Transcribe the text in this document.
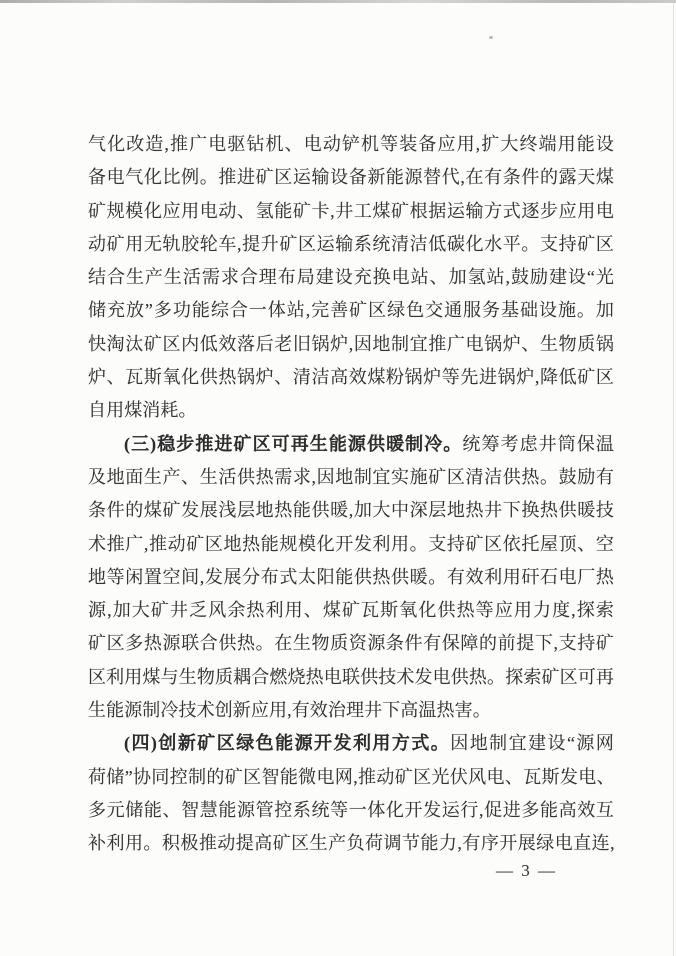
气化改造,推广电驱钻机、电动铲机等装备应用,扩大终端用能设
备电气化比例。推进矿区运输设备新能源替代,在有条件的露天煤
矿规模化应用电动、氢能矿卡,井工煤矿根据运输方式逐步应用电
动矿用无轨胶轮车,提升矿区运输系统清洁低碳化水平。支持矿区
结合生产生活需求合理布局建设充换电站、加氢站,鼓励建设“光
储充放”多功能综合一体站,完善矿区绿色交通服务基础设施。加
快淘汰矿区内低效落后老旧锅炉,因地制宜推广电锅炉、生物质锅
炉、瓦斯氧化供热锅炉、清洁高效煤粉锅炉等先进锅炉,降低矿区
自用煤消耗。
(三)稳步推进矿区可再生能源供暖制冷。统筹考虑井筒保温
及地面生产、生活供热需求,因地制宜实施矿区清洁供热。鼓励有
条件的煤矿发展浅层地热能供暖,加大中深层地热井下换热供暖技
术推广,推动矿区地热能规模化开发利用。支持矿区依托屋顶、空
地等闲置空间,发展分布式太阳能供热供暖。有效利用矸石电厂热
源,加大矿井乏风余热利用、煤矿瓦斯氧化供热等应用力度,探索
矿区多热源联合供热。在生物质资源条件有保障的前提下,支持矿
区利用煤与生物质耦合燃烧热电联供技术发电供热。探索矿区可再
生能源制冷技术创新应用,有效治理井下高温热害。
(四)创新矿区绿色能源开发利用方式。因地制宜建设“源网
荷储”协同控制的矿区智能微电网,推动矿区光伏风电、瓦斯发电、
多元储能、智慧能源管控系统等一体化开发运行,促进多能高效互
补利用。积极推动提高矿区生产负荷调节能力,有序开展绿电直连,
— 3 —
